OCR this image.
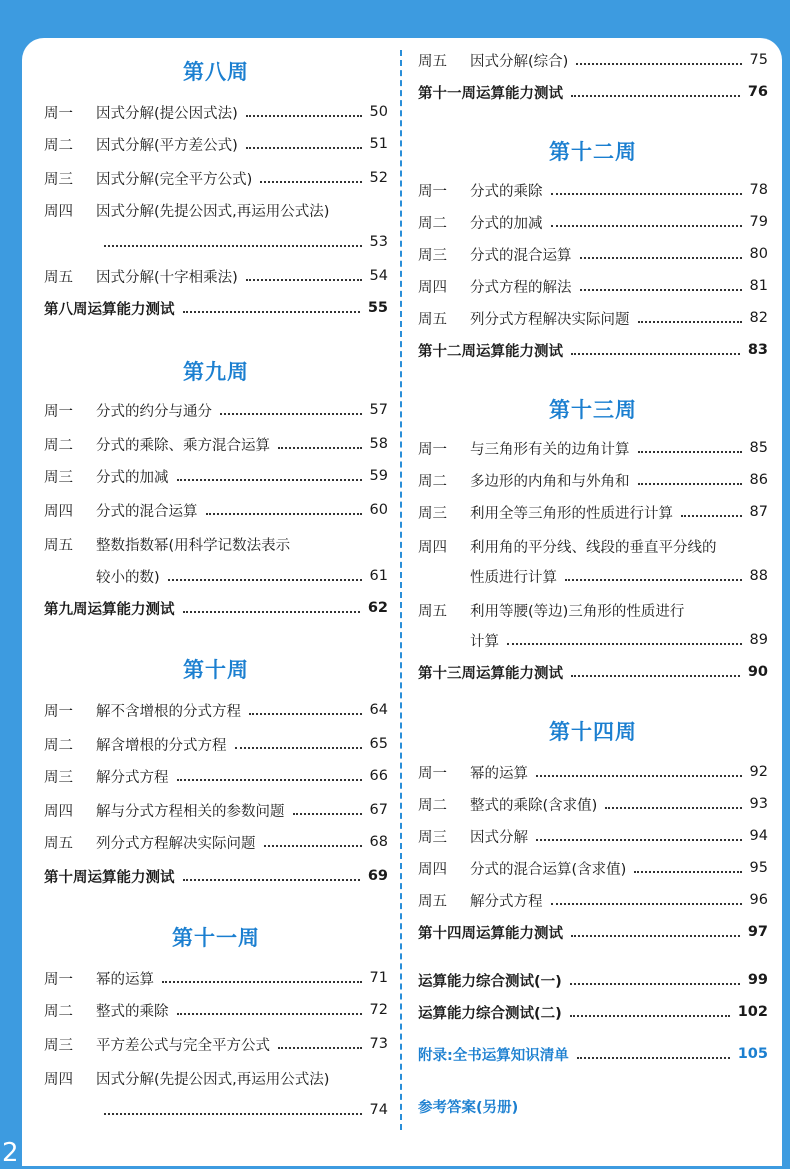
第八周
周一	因式分解(提公因式法)	50
周二	因式分解(平方差公式)	51
周三	因式分解(完全平方公式)	52
周四	因式分解(先提公因式,再运用公式法)
53
周五	因式分解(十字相乘法)	54
第八周运算能力测试	55
第九周
周一	分式的约分与通分	57
周二	分式的乘除、乘方混合运算	58
周三	分式的加减	59
周四	分式的混合运算	60
周五	整数指数幂(用科学记数法表示
较小的数)	61
第九周运算能力测试	62
第十周
周一	解不含增根的分式方程	64
周二	解含增根的分式方程	65
周三	解分式方程	66
周四	解与分式方程相关的参数问题	67
周五	列分式方程解决实际问题	68
第十周运算能力测试	69
第十一周
周一	幂的运算	71
周二	整式的乘除	72
周三	平方差公式与完全平方公式	73
周四	因式分解(先提公因式,再运用公式法)
74
周五	因式分解(综合)	75
第十一周运算能力测试	76
第十二周
周一	分式的乘除	78
周二	分式的加减	79
周三	分式的混合运算	80
周四	分式方程的解法	81
周五	列分式方程解决实际问题	82
第十二周运算能力测试	83
第十三周
周一	与三角形有关的边角计算	85
周二	多边形的内角和与外角和	86
周三	利用全等三角形的性质进行计算	87
周四	利用角的平分线、线段的垂直平分线的
性质进行计算	88
周五	利用等腰(等边)三角形的性质进行
计算	89
第十三周运算能力测试	90
第十四周
周一	幂的运算	92
周二	整式的乘除(含求值)	93
周三	因式分解	94
周四	分式的混合运算(含求值)	95
周五	解分式方程	96
第十四周运算能力测试	97
运算能力综合测试(一)	99
运算能力综合测试(二)	102
附录:全书运算知识清单	105
参考答案(另册)
2
